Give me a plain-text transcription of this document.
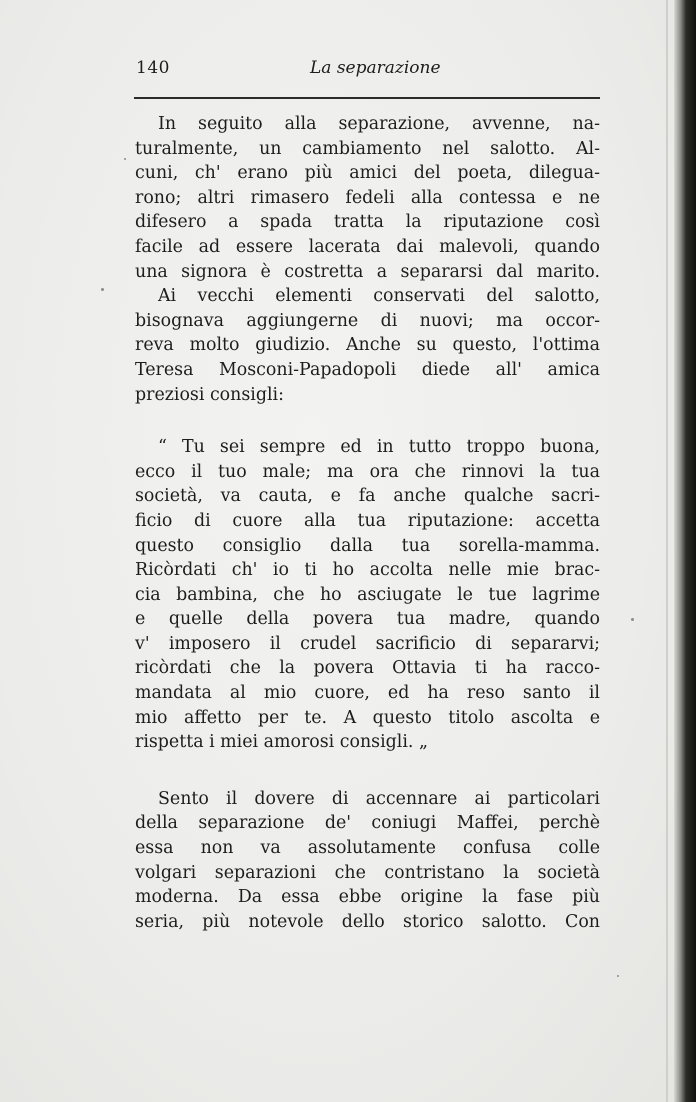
140	La separazione
In seguito alla separazione, avvenne, na-
turalmente, un cambiamento nel salotto. Al-
cuni, ch' erano più amici del poeta, dilegua-
rono; altri rimasero fedeli alla contessa e ne
difesero a spada tratta la riputazione così
facile ad essere lacerata dai malevoli, quando
una signora è costretta a separarsi dal marito.
Ai vecchi elementi conservati del salotto,
bisognava aggiungerne di nuovi; ma occor-
reva molto giudizio. Anche su questo, l'ottima
Teresa Mosconi-Papadopoli diede all' amica
preziosi consigli:
“ Tu sei sempre ed in tutto troppo buona,
ecco il tuo male; ma ora che rinnovi la tua
società, va cauta, e fa anche qualche sacri-
ficio di cuore alla tua riputazione: accetta
questo consiglio dalla tua sorella-mamma.
Ricòrdati ch' io ti ho accolta nelle mie brac-
cia bambina, che ho asciugate le tue lagrime
e quelle della povera tua madre, quando
v' imposero il crudel sacrificio di separarvi;
ricòrdati che la povera Ottavia ti ha racco-
mandata al mio cuore, ed ha reso santo il
mio affetto per te. A questo titolo ascolta e
rispetta i miei amorosi consigli. „
Sento il dovere di accennare ai particolari
della separazione de' coniugi Maffei, perchè
essa non va assolutamente confusa colle
volgari separazioni che contristano la società
moderna. Da essa ebbe origine la fase più
seria, più notevole dello storico salotto. Con
